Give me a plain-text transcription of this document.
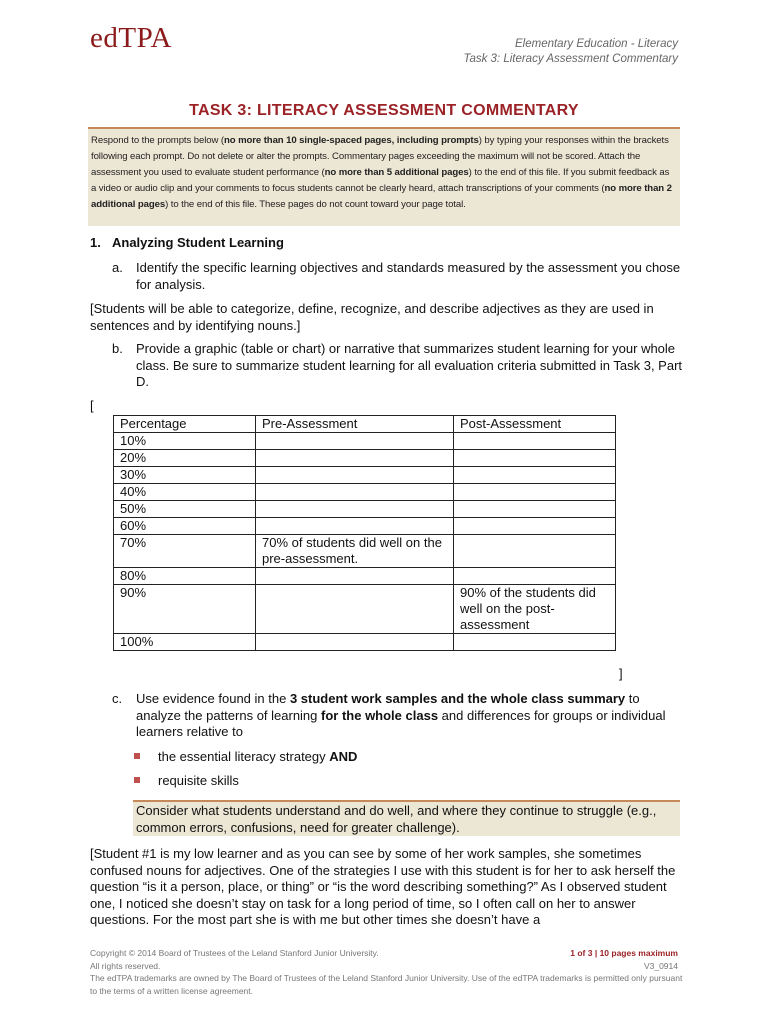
edTPA	Elementary Education - Literacy
Task 3: Literacy Assessment Commentary
TASK 3: LITERACY ASSESSMENT COMMENTARY
Respond to the prompts below (no more than 10 single-spaced pages, including prompts) by typing your responses within the brackets following each prompt. Do not delete or alter the prompts. Commentary pages exceeding the maximum will not be scored. Attach the assessment you used to evaluate student performance (no more than 5 additional pages) to the end of this file. If you submit feedback as a video or audio clip and your comments to focus students cannot be clearly heard, attach transcriptions of your comments (no more than 2 additional pages) to the end of this file. These pages do not count toward your page total.
1. Analyzing Student Learning
a. Identify the specific learning objectives and standards measured by the assessment you chose for analysis.
[Students will be able to categorize, define, recognize, and describe adjectives as they are used in sentences and by identifying nouns.]
b. Provide a graphic (table or chart) or narrative that summarizes student learning for your whole class. Be sure to summarize student learning for all evaluation criteria submitted in Task 3, Part D.
[
Percentage	Pre-Assessment	Post-Assessment
10%		
20%		
30%		
40%		
50%		
60%		
70%	70% of students did well on the pre-assessment.	
80%		
90%		90% of the students did well on the post-assessment
100%		
]
c. Use evidence found in the 3 student work samples and the whole class summary to analyze the patterns of learning for the whole class and differences for groups or individual learners relative to
the essential literacy strategy AND
requisite skills
Consider what students understand and do well, and where they continue to struggle (e.g., common errors, confusions, need for greater challenge).
[Student #1 is my low learner and as you can see by some of her work samples, she sometimes confused nouns for adjectives. One of the strategies I use with this student is for her to ask herself the question “is it a person, place, or thing” or “is the word describing something?” As I observed student one, I noticed she doesn’t stay on task for a long period of time, so I often call on her to answer questions. For the most part she is with me but other times she doesn’t have a
Copyright © 2014 Board of Trustees of the Leland Stanford Junior University.
All rights reserved.
The edTPA trademarks are owned by The Board of Trustees of the Leland Stanford Junior University. Use of the edTPA trademarks is permitted only pursuant to the terms of a written license agreement.
1 of 3 | 10 pages maximum
V3_0914
